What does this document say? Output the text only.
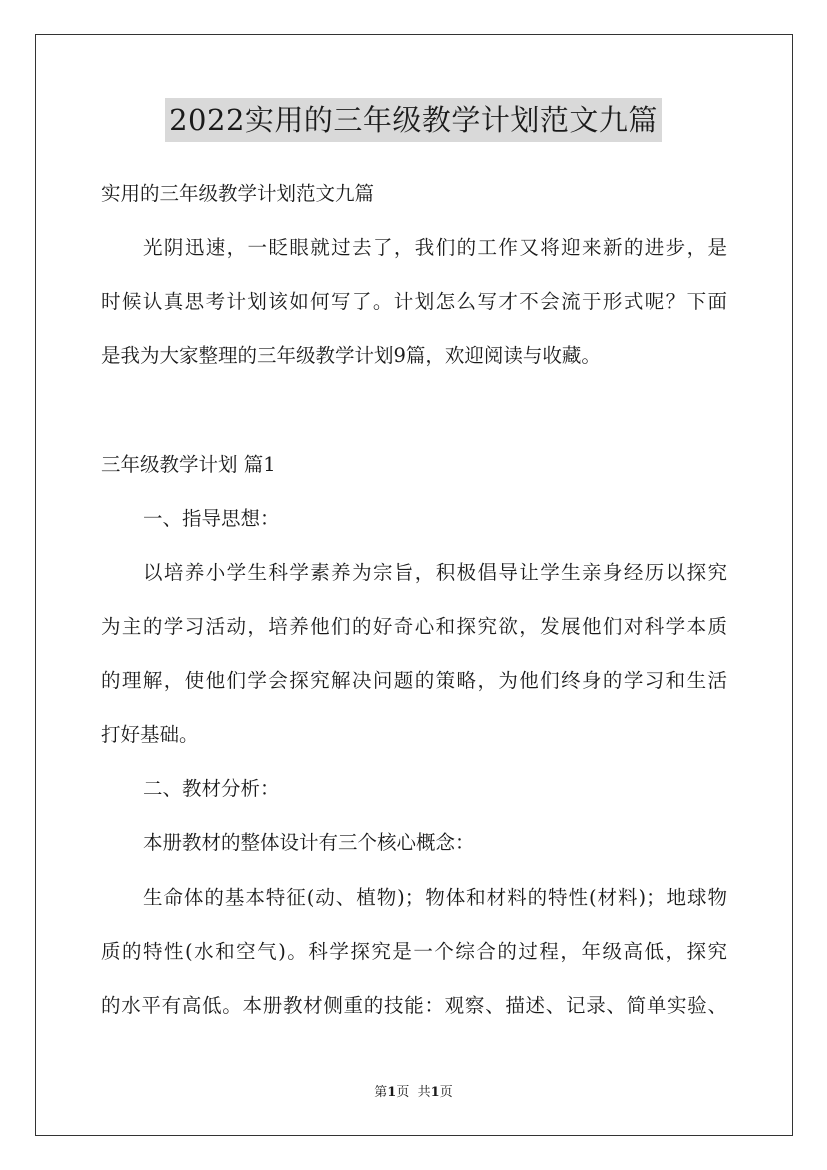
2022实用的三年级教学计划范文九篇
实用的三年级教学计划范文九篇
光阴迅速，一眨眼就过去了，我们的工作又将迎来新的进步，是
时候认真思考计划该如何写了。计划怎么写才不会流于形式呢？下面
是我为大家整理的三年级教学计划9篇，欢迎阅读与收藏。
三年级教学计划 篇1
一、指导思想：
以培养小学生科学素养为宗旨，积极倡导让学生亲身经历以探究
为主的学习活动，培养他们的好奇心和探究欲，发展他们对科学本质
的理解，使他们学会探究解决问题的策略，为他们终身的学习和生活
打好基础。
二、教材分析：
本册教材的整体设计有三个核心概念：
生命体的基本特征(动、植物)；物体和材料的特性(材料)；地球物
质的特性(水和空气)。科学探究是一个综合的过程，年级高低，探究
的水平有高低。本册教材侧重的技能：观察、描述、记录、简单实验、
第1页 共1页
